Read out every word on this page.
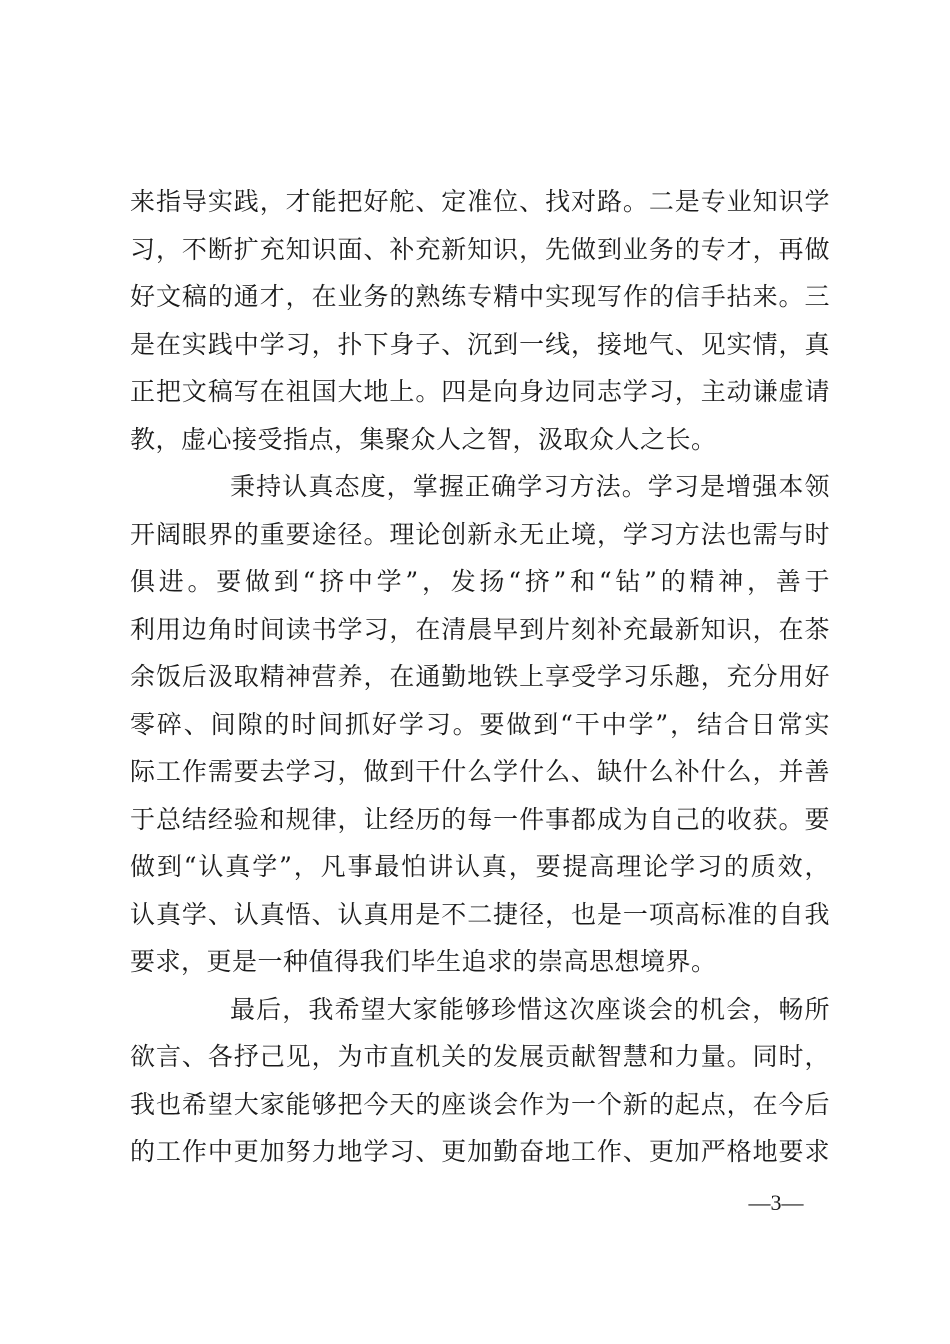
来指导实践，才能把好舵、定准位、找对路。二是专业知识学
习，不断扩充知识面、补充新知识，先做到业务的专才，再做
好文稿的通才，在业务的熟练专精中实现写作的信手拈来。三
是在实践中学习，扑下身子、沉到一线，接地气、见实情，真
正把文稿写在祖国大地上。四是向身边同志学习，主动谦虚请
教，虚心接受指点，集聚众人之智，汲取众人之长。
秉持认真态度，掌握正确学习方法。学习是增强本领
开阔眼界的重要途径。理论创新永无止境，学习方法也需与时
俱进。要做到“挤中学”，发扬“挤”和“钻”的精神，善于
利用边角时间读书学习，在清晨早到片刻补充最新知识，在茶
余饭后汲取精神营养，在通勤地铁上享受学习乐趣，充分用好
零碎、间隙的时间抓好学习。要做到“干中学”，结合日常实
际工作需要去学习，做到干什么学什么、缺什么补什么，并善
于总结经验和规律，让经历的每一件事都成为自己的收获。要
做到“认真学”，凡事最怕讲认真，要提高理论学习的质效，
认真学、认真悟、认真用是不二捷径，也是一项高标准的自我
要求，更是一种值得我们毕生追求的崇高思想境界。
最后，我希望大家能够珍惜这次座谈会的机会，畅所
欲言、各抒己见，为市直机关的发展贡献智慧和力量。同时，
我也希望大家能够把今天的座谈会作为一个新的起点，在今后
的工作中更加努力地学习、更加勤奋地工作、更加严格地要求
—3—
